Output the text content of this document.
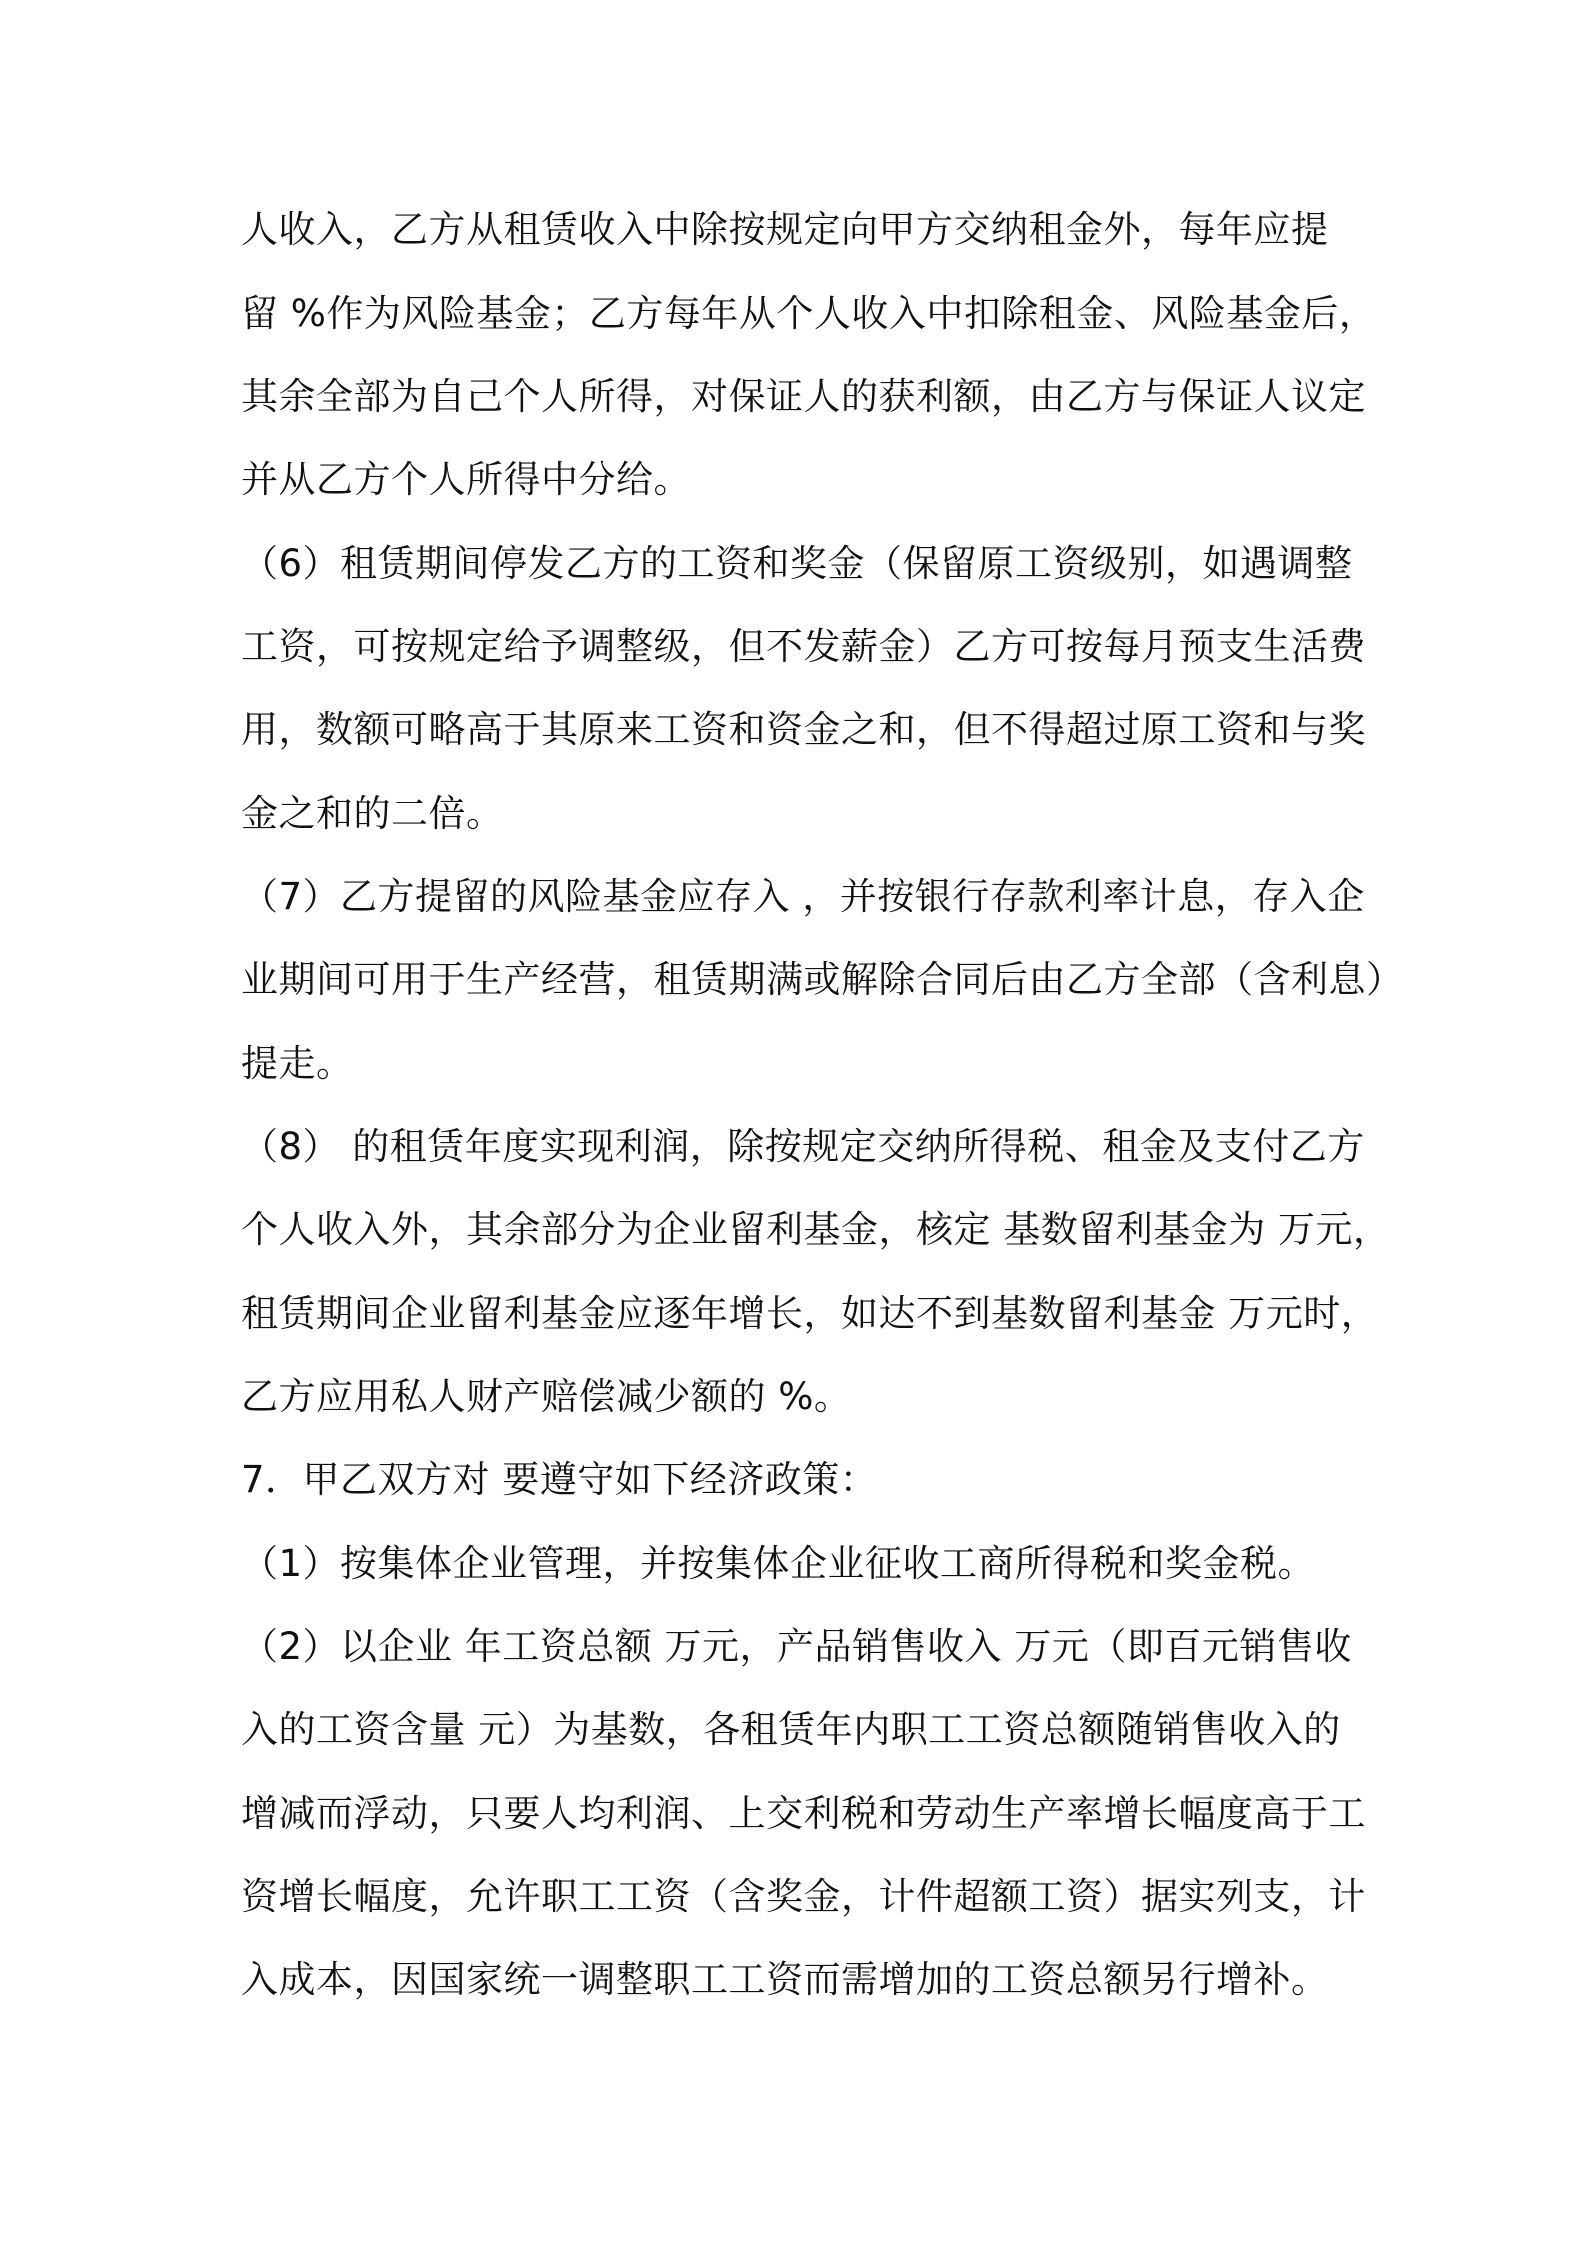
人收入，乙方从租赁收入中除按规定向甲方交纳租金外，每年应提
留 %作为风险基金；乙方每年从个人收入中扣除租金、风险基金后，
其余全部为自己个人所得，对保证人的获利额，由乙方与保证人议定
并从乙方个人所得中分给。
（6）租赁期间停发乙方的工资和奖金（保留原工资级别，如遇调整
工资，可按规定给予调整级，但不发薪金）乙方可按每月预支生活费
用，数额可略高于其原来工资和资金之和，但不得超过原工资和与奖
金之和的二倍。
（7）乙方提留的风险基金应存入 ，并按银行存款利率计息，存入企
业期间可用于生产经营，租赁期满或解除合同后由乙方全部（含利息）
提走。
（8） 的租赁年度实现利润，除按规定交纳所得税、租金及支付乙方
个人收入外，其余部分为企业留利基金，核定 基数留利基金为 万元，
租赁期间企业留利基金应逐年增长，如达不到基数留利基金 万元时，
乙方应用私人财产赔偿减少额的 %。
7．甲乙双方对 要遵守如下经济政策：
（1）按集体企业管理，并按集体企业征收工商所得税和奖金税。
（2）以企业 年工资总额 万元，产品销售收入 万元（即百元销售收
入的工资含量 元）为基数，各租赁年内职工工资总额随销售收入的
增减而浮动，只要人均利润、上交利税和劳动生产率增长幅度高于工
资增长幅度，允许职工工资（含奖金，计件超额工资）据实列支，计
入成本，因国家统一调整职工工资而需增加的工资总额另行增补。
